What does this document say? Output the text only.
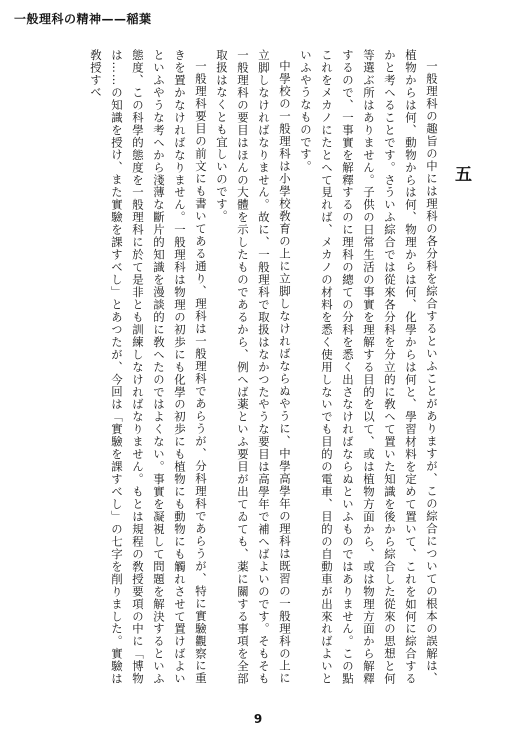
一般理科の精神——稲葉
五

一般理科の趣旨の中には理科の各分科を綜合するといふことがありますが、この綜合についての根本の誤解は、植物からは何、動物からは何、物理からは何、化學からは何と、學習材料を定めて置いて、これを如何に綜合するかと考へることです。さういふ綜合では從來各分科を分立的に敎へて置いた知識を後から綜合した從來の思想と何等選ぶ所はありません。子供の日常生活の事實を理解する目的を以て、或は植物方面から、或は物理方面から解釋するので、一事實を解釋するのに理科の總ての分科を悉く出さなければならぬといふものではありません。この點これをメカノにたとへて見れば、メカノの材料を悉く使用しないでも目的の電車、目的の自動車が出來ればよいといふやうなものです。

中學校の一般理科は小學校敎育の上に立脚しなければならぬやうに、中學高學年の理科は既習の一般理科の上に立脚しなければなりません。故に、一般理科で取扱はなかつたやうな要目は高學年で補へばよいのです。そもそも一般理科の要目はほんの大體を示したものであるから、例へば薬といふ要目が出てゐても、薬に關する事項を全部取扱はなくとも宜しいのです。

一般理科要目の前文にも書いてある通り、理科は一般理科であらうが、分科理科であらうが、特に實驗觀察に重きを置かなければなりません。一般理科は物理の初歩にも化學の初歩にも植物にも動物にも觸れさせて置けばよいといふやうな考へから淺薄な斷片的知識を漫談的に敎へたのではよくない。事實を凝視して問題を解決するといふ態度、この科學的態度を一般理科に於て是非とも訓練しなければなりません。もとは規程の敎授要項の中に「博物は……の知識を授け、また實驗を課すべし」とあつたが、今回は「實驗を課すべし」の七字を削りました。實驗は敎授すべ

9
